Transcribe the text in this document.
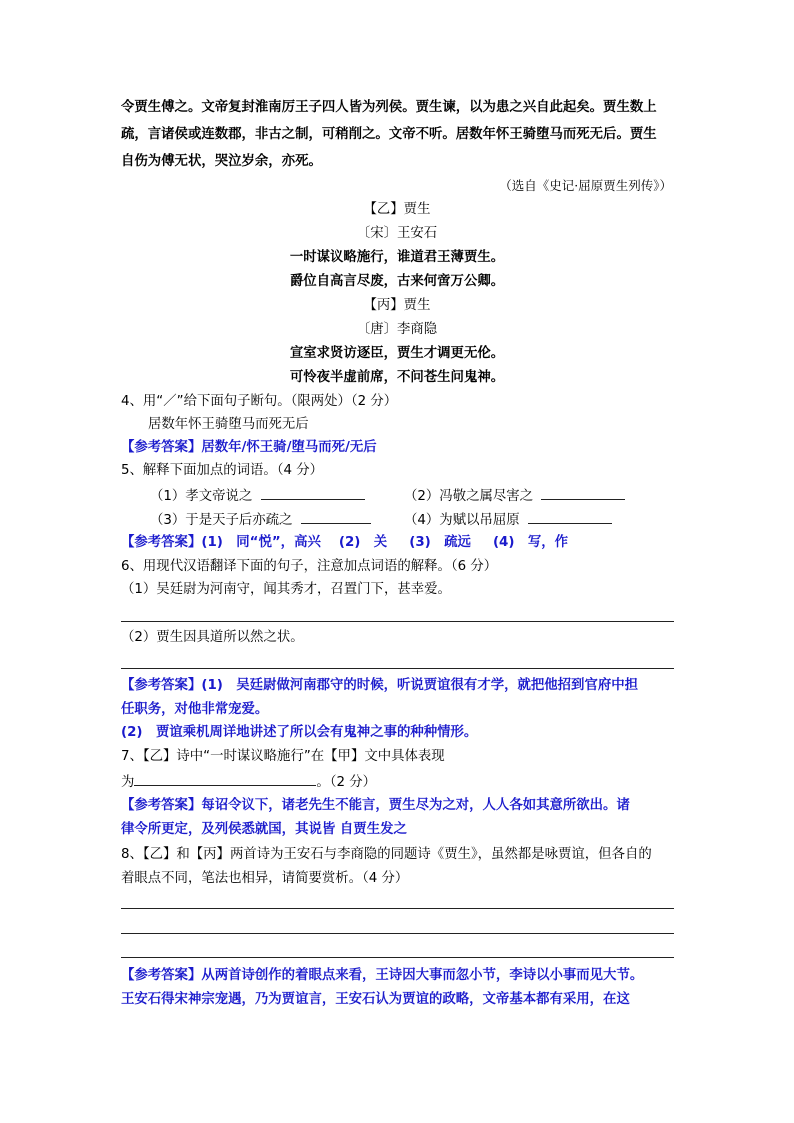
令贾生傅之。文帝复封淮南厉王子四人皆为列侯。贾生谏，以为患之兴自此起矣。贾生数上
疏，言诸侯或连数郡，非古之制，可稍削之。文帝不听。居数年怀王骑堕马而死无后。贾生
自伤为傅无状，哭泣岁余，亦死。
（选自《史记·屈原贾生列传》）
【乙】贾生
〔宋〕王安石
一时谋议略施行，谁道君王薄贾生。
爵位自高言尽废，古来何啻万公卿。
【丙】贾生
〔唐〕李商隐
宣室求贤访逐臣，贾生才调更无伦。
可怜夜半虚前席，不问苍生问鬼神。
4、用“／”给下面句子断句。（限两处）（2 分）
居数年怀王骑堕马而死无后
【参考答案】居数年/怀王骑/堕马而死/无后
5、解释下面加点的词语。（4 分）
（1）孝文帝说之	（2）冯敬之属尽害之
（3）于是天子后亦疏之	（4）为赋以吊屈原
【参考答案】(1)　同“悦”，高兴 (2)　关 (3)　疏远 (4)　写，作
6、用现代汉语翻译下面的句子，注意加点词语的解释。（6 分）
（1）吴廷尉为河南守，闻其秀才，召置门下，甚幸爱。
（2）贾生因具道所以然之状。
【参考答案】(1)　吴廷尉做河南郡守的时候，听说贾谊很有才学，就把他招到官府中担
任职务，对他非常宠爱。
(2)　贾谊乘机周详地讲述了所以会有鬼神之事的种种情形。
7、【乙】诗中“一时谋议略施行”在【甲】文中具体表现
为	。（2 分）
【参考答案】每诏令议下，诸老先生不能言，贾生尽为之对，人人各如其意所欲出。诸
律令所更定，及列侯悉就国，其说皆 自贾生发之
8、【乙】和【丙】两首诗为王安石与李商隐的同题诗《贾生》，虽然都是咏贾谊，但各自的
着眼点不同，笔法也相异，请简要赏析。（4 分）
【参考答案】从两首诗创作的着眼点来看，王诗因大事而忽小节，李诗以小事而见大节。
王安石得宋神宗宠遇，乃为贾谊言，王安石认为贾谊的政略，文帝基本都有采用，在这
